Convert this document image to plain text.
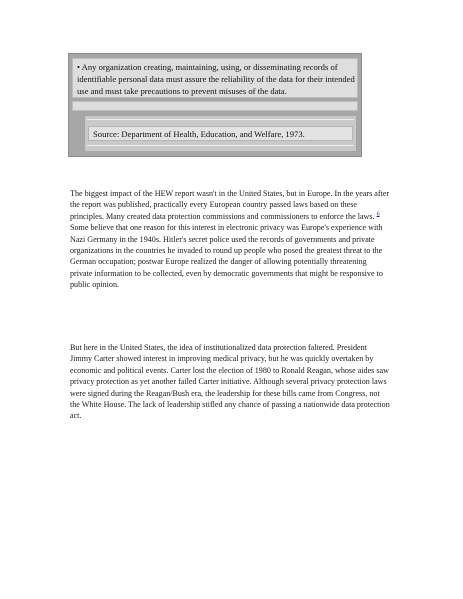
• Any organization creating, maintaining, using, or disseminating records of identifiable personal data must assure the reliability of the data for their intended use and must take precautions to prevent misuses of the data.
Source: Department of Health, Education, and Welfare, 1973.

The biggest impact of the HEW report wasn't in the United States, but in Europe. In the years after the report was published, practically every European country passed laws based on these principles. Many created data protection commissions and commissioners to enforce the laws. $^6$ Some believe that one reason for this interest in electronic privacy was Europe's experience with Nazi Germany in the 1940s. Hitler's secret police used the records of governments and private organizations in the countries he invaded to round up people who posed the greatest threat to the German occupation; postwar Europe realized the danger of allowing potentially threatening private information to be collected, even by democratic governments that might be responsive to public opinion.

But here in the United States, the idea of institutionalized data protection faltered. President Jimmy Carter showed interest in improving medical privacy, but he was quickly overtaken by economic and political events. Carter lost the election of 1980 to Ronald Reagan, whose aides saw privacy protection as yet another failed Carter initiative. Although several privacy protection laws were signed during the Reagan/Bush era, the leadership for these bills came from Congress, not the White House. The lack of leadership stifled any chance of passing a nationwide data protection act.
